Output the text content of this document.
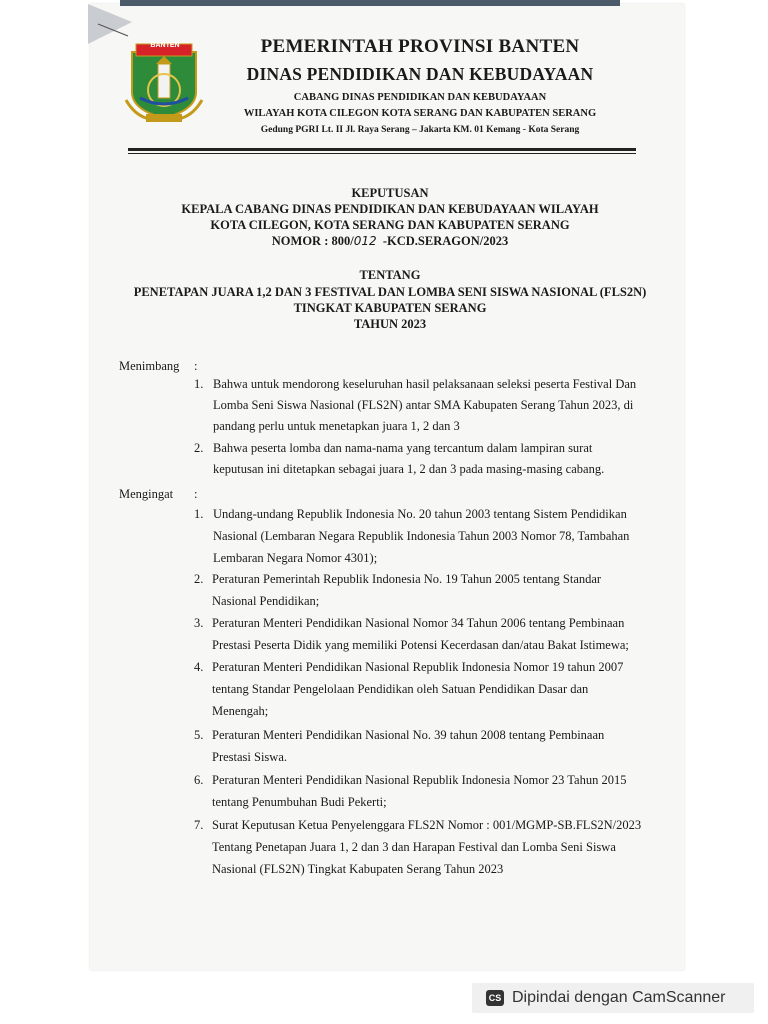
PEMERINTAH PROVINSI BANTEN
DINAS PENDIDIKAN DAN KEBUDAYAAN
CABANG DINAS PENDIDIKAN DAN KEBUDAYAAN
WILAYAH KOTA CILEGON KOTA SERANG DAN KABUPATEN SERANG
Gedung PGRI Lt. II Jl. Raya Serang – Jakarta KM. 01 Kemang - Kota Serang
BANTEN
KEPUTUSAN
KEPALA CABANG DINAS PENDIDIKAN DAN KEBUDAYAAN WILAYAH
KOTA CILEGON, KOTA SERANG DAN KABUPATEN SERANG
NOMOR : 800/012 -KCD.SERAGON/2023
TENTANG
PENETAPAN JUARA 1,2 DAN 3 FESTIVAL DAN LOMBA SENI SISWA NASIONAL (FLS2N)
TINGKAT KABUPATEN SERANG
TAHUN 2023
Menimbang :
1. Bahwa untuk mendorong keseluruhan hasil pelaksanaan seleksi peserta Festival Dan
Lomba Seni Siswa Nasional (FLS2N) antar SMA Kabupaten Serang Tahun 2023, di
pandang perlu untuk menetapkan juara 1, 2 dan 3
2. Bahwa peserta lomba dan nama-nama yang tercantum dalam lampiran surat
keputusan ini ditetapkan sebagai juara 1, 2 dan 3 pada masing-masing cabang.
Mengingat :
1. Undang-undang Republik Indonesia No. 20 tahun 2003 tentang Sistem Pendidikan
Nasional (Lembaran Negara Republik Indonesia Tahun 2003 Nomor 78, Tambahan
Lembaran Negara Nomor 4301);
2. Peraturan Pemerintah Republik Indonesia No. 19 Tahun 2005 tentang Standar
Nasional Pendidikan;
3. Peraturan Menteri Pendidikan Nasional Nomor 34 Tahun 2006 tentang Pembinaan
Prestasi Peserta Didik yang memiliki Potensi Kecerdasan dan/atau Bakat Istimewa;
4. Peraturan Menteri Pendidikan Nasional Republik Indonesia Nomor 19 tahun 2007
tentang Standar Pengelolaan Pendidikan oleh Satuan Pendidikan Dasar dan
Menengah;
5. Peraturan Menteri Pendidikan Nasional No. 39 tahun 2008 tentang Pembinaan
Prestasi Siswa.
6. Peraturan Menteri Pendidikan Nasional Republik Indonesia Nomor 23 Tahun 2015
tentang Penumbuhan Budi Pekerti;
7. Surat Keputusan Ketua Penyelenggara FLS2N Nomor : 001/MGMP-SB.FLS2N/2023
Tentang Penetapan Juara 1, 2 dan 3 dan Harapan Festival dan Lomba Seni Siswa
Nasional (FLS2N) Tingkat Kabupaten Serang Tahun 2023
CS Dipindai dengan CamScanner
